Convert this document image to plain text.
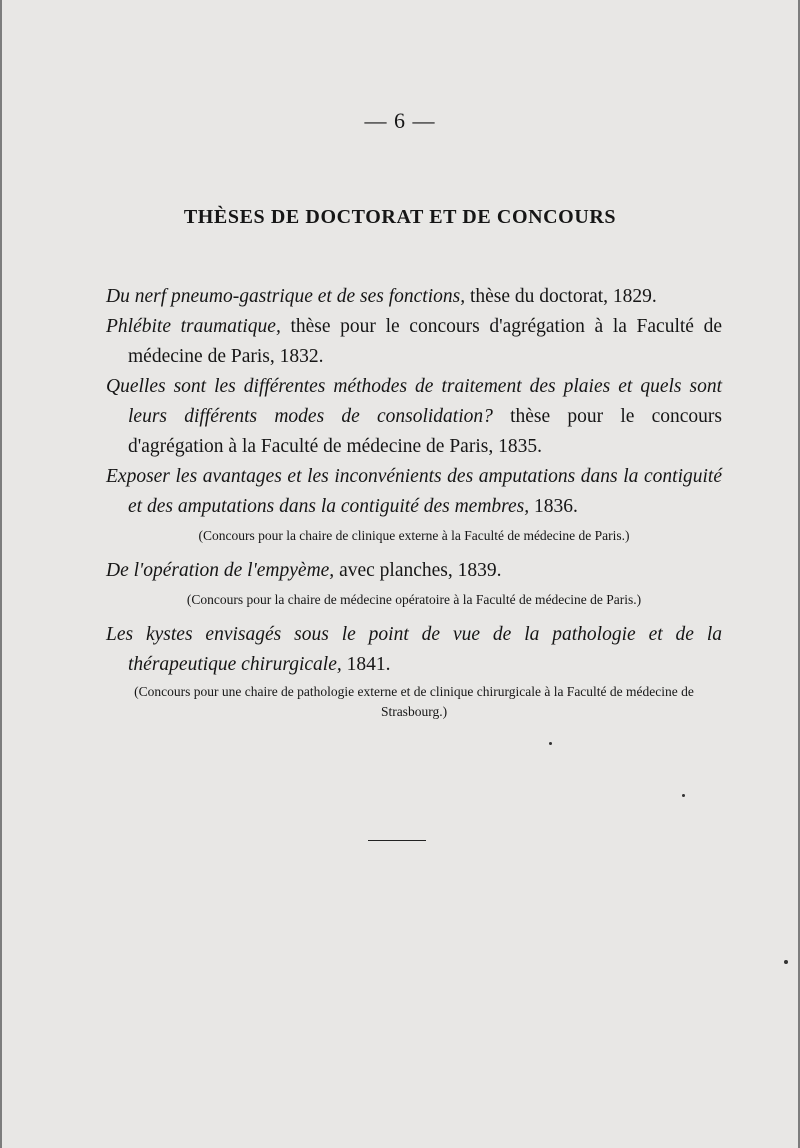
— 6 —
THÈSES DE DOCTORAT ET DE CONCOURS

Du nerf pneumo-gastrique et de ses fonctions, thèse du doctorat, 1829.

Phlébite traumatique, thèse pour le concours d'agrégation à la Faculté de médecine de Paris, 1832.

Quelles sont les différentes méthodes de traitement des plaies et quels sont leurs différents modes de consolidation? thèse pour le concours d'agrégation à la Faculté de médecine de Paris, 1835.

Exposer les avantages et les inconvénients des amputations dans la contiguité et des amputations dans la contiguité des membres, 1836.

(Concours pour la chaire de clinique externe à la Faculté de médecine de Paris.)

De l'opération de l'empyème, avec planches, 1839.

(Concours pour la chaire de médecine opératoire à la Faculté de médecine de Paris.)

Les kystes envisagés sous le point de vue de la pathologie et de la thérapeutique chirurgicale, 1841.

(Concours pour une chaire de pathologie externe et de clinique chirurgicale à la Faculté de médecine de Strasbourg.)
